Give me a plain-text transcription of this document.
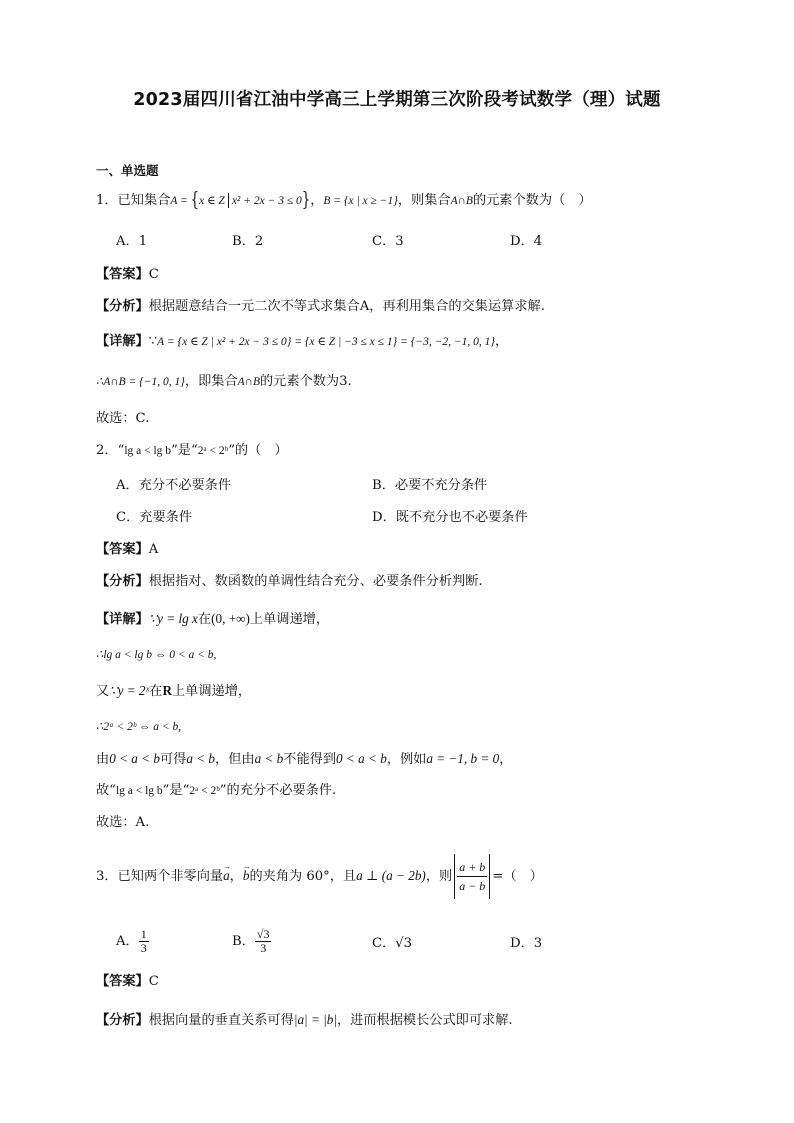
2023届四川省江油中学高三上学期第三次阶段考试数学（理）试题
一、单选题
1．已知集合A = {x ∈ Z x² + 2x − 3 ≤ 0}，B = {x | x ≥ −1}，则集合A∩B的元素个数为（　）
A．1	B．2	C．3	D．4
【答案】C
【分析】根据题意结合一元二次不等式求集合A，再利用集合的交集运算求解.
【详解】∵A = {x ∈ Z | x² + 2x − 3 ≤ 0} = {x ∈ Z | −3 ≤ x ≤ 1} = {−3, −2, −1, 0, 1}，
∴A∩B = {−1, 0, 1}，即集合A∩B的元素个数为3.
故选：C.
2．“lg a < lg b”是“2ᵃ < 2ᵇ”的（　）
A．充分不必要条件	B．必要不充分条件
C．充要条件	D．既不充分也不必要条件
【答案】A
【分析】根据指对、数函数的单调性结合充分、必要条件分析判断.
【详解】∵y = lg x在(0, +∞)上单调递增，
∴lg a < lg b ⇔ 0 < a < b,
又∵y = 2ˣ在R上单调递增，
∴2ᵃ < 2ᵇ ⇔ a < b,
由0 < a < b可得a < b，但由a < b不能得到0 < a < b，例如a = −1, b = 0，
故“lg a < lg b”是“2ᵃ < 2ᵇ”的充分不必要条件.
故选：A.
3．已知两个非零向量→ a，→ b的夹角为 60°，且a ⊥ (a − 2b)，则 $\frac{a + b}{a - b}$ =（　）
A． $\frac{1}{3}$	B． $\frac{√3}{3}$	C．√3	D．3
【答案】C
【分析】根据向量的垂直关系可得|a| = |b|，进而根据模长公式即可求解.
